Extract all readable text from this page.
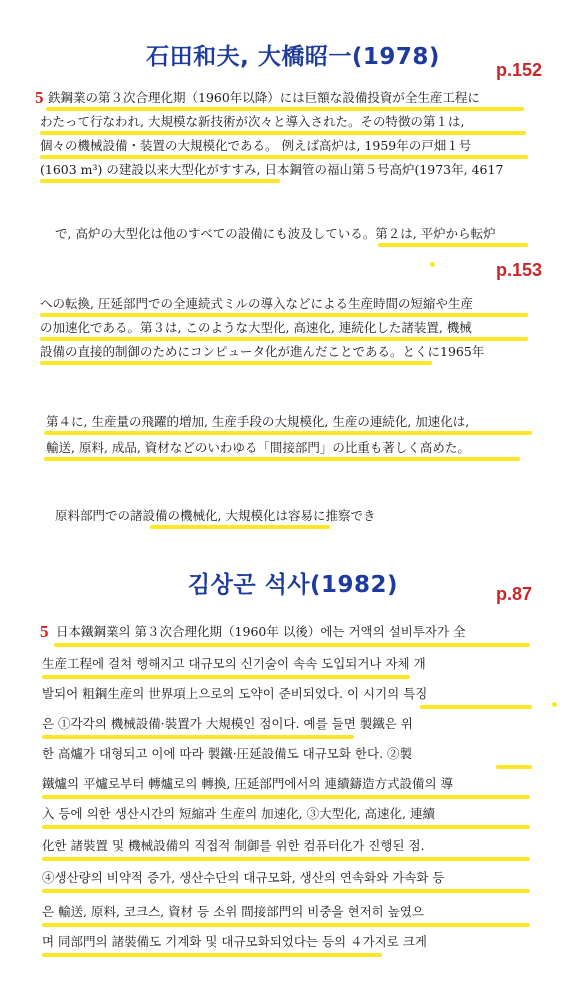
石田和夫, 大橋昭一(1978)	p.152
5 鉄鋼業の第３次合理化期（1960年以降）には巨額な設備投資が全生産工程に
わたって行なわれ, 大規模な新技術が次々と導入された。その特徴の第１は,
個々の機械設備・装置の大規模化である。 例えば高炉は, 1959年の戸畑１号
(1603 m³) の建設以来大型化がすすみ, 日本鋼管の福山第５号高炉(1973年, 4617
で, 高炉の大型化は他のすべての設備にも波及している。第２は, 平炉から転炉
p.153
への転換, 圧延部門での全連続式ミルの導入などによる生産時間の短縮や生産
の加速化である。第３は, このような大型化, 高速化, 連続化した諸装置, 機械
設備の直接的制御のためにコンピュータ化が進んだことである。とくに1965年
第４に, 生産量の飛躍的増加, 生産手段の大規模化, 生産の連続化, 加速化は,
輸送, 原料, 成品, 資材などのいわゆる「間接部門」の比重も著しく高めた。
原料部門での諸設備の機械化, 大規模化は容易に推察でき
김상곤 석사(1982)	p.87
5 日本鐵鋼業의 第３次合理化期（1960年 以後）에는 거액의 설비투자가 全
生産工程에 걸쳐 행해지고 대규모의 신기술이 속속 도입되거나 자체 개
발되어 粗鋼生産의 世界項上으로의 도약이 준비되었다. 이 시기의 특징
은 ①각각의 機械設備·裝置가 大規模인 점이다. 예를 들면 製鐵은 위
한 高爐가 대형되고 이에 따라 製鐵·圧延設備도 대규모화 한다. ②製
鐵爐의 平爐로부터 轉爐로의 轉換, 圧延部門에서의 連續鑄造方式設備의 導
入 등에 의한 생산시간의 短縮과 生産의 加速化, ③大型化, 高速化, 連續
化한 諸裝置 및 機械設備의 직접적 制御를 위한 컴퓨터化가 진행된 점.
④생산량의 비약적 증가, 생산수단의 대규모화, 생산의 연속화와 가속화 등
은 輸送, 原料, 코크스, 資材 등 소위 間接部門의 비중을 현저히 높였으
며 同部門의 諸裝備도 기계화 및 대규모화되었다는 등의 ４가지로 크게
